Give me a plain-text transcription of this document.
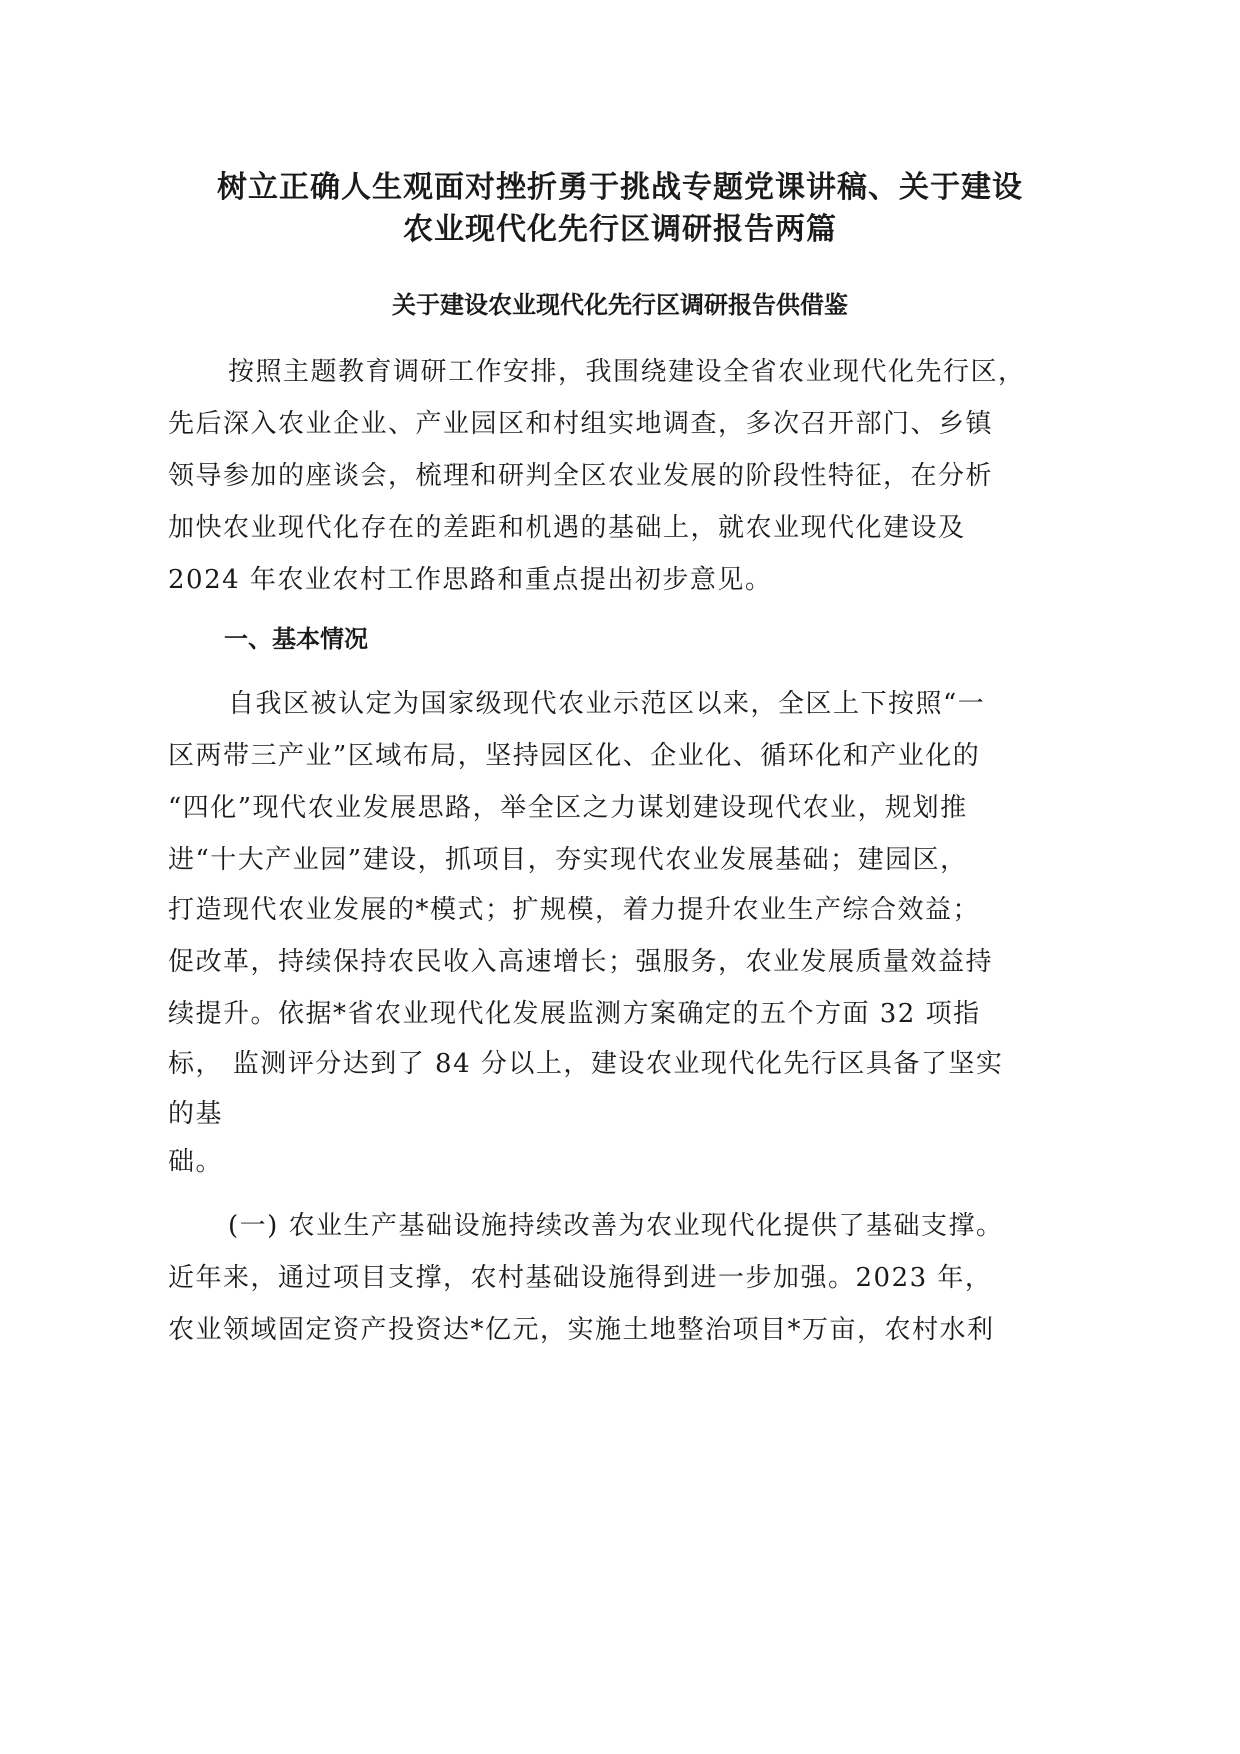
树立正确人生观面对挫折勇于挑战专题党课讲稿、关于建设
农业现代化先行区调研报告两篇
关于建设农业现代化先行区调研报告供借鉴

按照主题教育调研工作安排，我围绕建设全省农业现代化先行区，

先后深入农业企业、产业园区和村组实地调查，多次召开部门、乡镇

领导参加的座谈会，梳理和研判全区农业发展的阶段性特征，在分析

加快农业现代化存在的差距和机遇的基础上，就农业现代化建设及

2024 年农业农村工作思路和重点提出初步意见。

一、基本情况

自我区被认定为国家级现代农业示范区以来，全区上下按照“一

区两带三产业”区域布局，坚持园区化、企业化、循环化和产业化的

“四化”现代农业发展思路，举全区之力谋划建设现代农业，规划推

进“十大产业园”建设，抓项目，夯实现代农业发展基础；建园区，

打造现代农业发展的*模式；扩规模，着力提升农业生产综合效益；

促改革，持续保持农民收入高速增长；强服务，农业发展质量效益持

续提升。依据*省农业现代化发展监测方案确定的五个方面 32 项指

标， 监测评分达到了 84 分以上，建设农业现代化先行区具备了坚实

的基

础。

(一) 农业生产基础设施持续改善为农业现代化提供了基础支撑。

近年来，通过项目支撑，农村基础设施得到进一步加强。2023 年，

农业领域固定资产投资达*亿元，实施土地整治项目*万亩，农村水利
